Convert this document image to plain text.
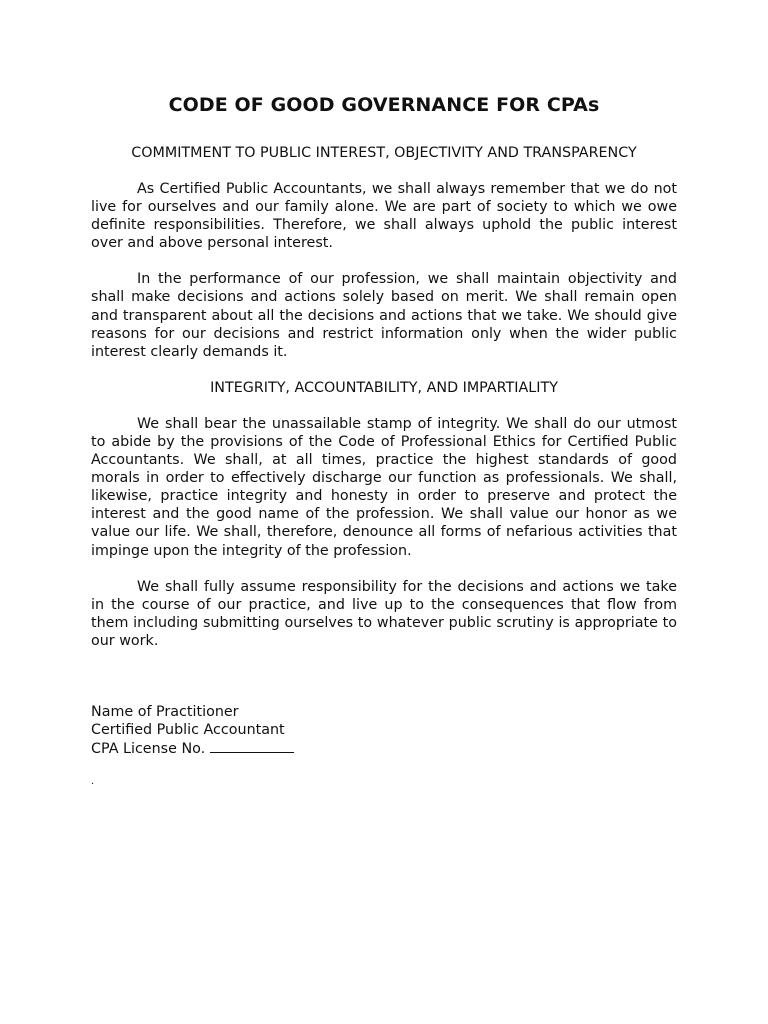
CODE OF GOOD GOVERNANCE FOR CPAs
COMMITMENT TO PUBLIC INTEREST, OBJECTIVITY AND TRANSPARENCY

As Certified Public Accountants, we shall always remember that we do not live for ourselves and our family alone. We are part of society to which we owe definite responsibilities. Therefore, we shall always uphold the public interest over and above personal interest.

In the performance of our profession, we shall maintain objectivity and shall make decisions and actions solely based on merit. We shall remain open and transparent about all the decisions and actions that we take. We should give reasons for our decisions and restrict information only when the wider public interest clearly demands it.

INTEGRITY, ACCOUNTABILITY, AND IMPARTIALITY

We shall bear the unassailable stamp of integrity. We shall do our utmost to abide by the provisions of the Code of Professional Ethics for Certified Public Accountants. We shall, at all times, practice the highest standards of good morals in order to effectively discharge our function as professionals. We shall, likewise, practice integrity and honesty in order to preserve and protect the interest and the good name of the profession. We shall value our honor as we value our life. We shall, therefore, denounce all forms of nefarious activities that impinge upon the integrity of the profession.

We shall fully assume responsibility for the decisions and actions we take in the course of our practice, and live up to the consequences that flow from them including submitting ourselves to whatever public scrutiny is appropriate to our work.

Name of Practitioner
Certified Public Accountant
CPA License No.
.
